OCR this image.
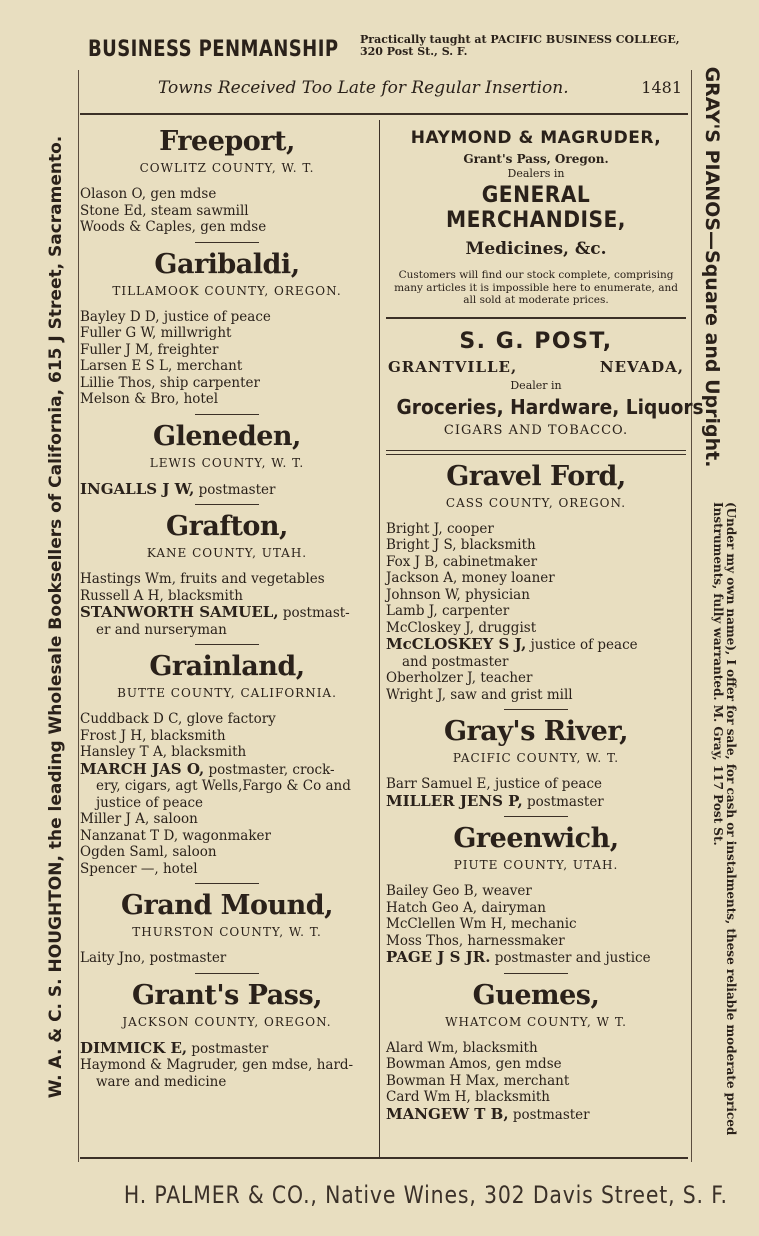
BUSINESS PENMANSHIP Practically taught at PACIFIC BUSINESS COLLEGE, 320 Post St., S. F.
W. A. & C. S. HOUGHTON, the leading Wholesale Booksellers of California, 615 J Street, Sacramento.	GRAY'S PIANOS—Square and Upright.
(Under my own name), I offer for sale, for cash or instalments, these reliable moderate priced Instruments, fully warranted. M. Gray, 117 Post St.
Towns Received Too Late for Regular Insertion.	1481
Freeport,
COWLITZ COUNTY, W. T.
Olason O, gen mdse
Stone Ed, steam sawmill
Woods & Caples, gen mdse
Garibaldi,
TILLAMOOK COUNTY, OREGON.
Bayley D D, justice of peace
Fuller G W, millwright
Fuller J M, freighter
Larsen E S L, merchant
Lillie Thos, ship carpenter
Melson & Bro, hotel
Gleneden,
LEWIS COUNTY, W. T.
INGALLS J W, postmaster
Grafton,
KANE COUNTY, UTAH.
Hastings Wm, fruits and vegetables
Russell A H, blacksmith
STANWORTH SAMUEL, postmast-
er and nurseryman
Grainland,
BUTTE COUNTY, CALIFORNIA.
Cuddback D C, glove factory
Frost J H, blacksmith
Hansley T A, blacksmith
MARCH JAS O, postmaster, crock-
ery, cigars, agt Wells,Fargo & Co and justice of peace
Miller J A, saloon
Nanzanat T D, wagonmaker
Ogden Saml, saloon
Spencer —, hotel
Grand Mound,
THURSTON COUNTY, W. T.
Laity Jno, postmaster
Grant's Pass,
JACKSON COUNTY, OREGON.
DIMMICK E, postmaster
Haymond & Magruder, gen mdse, hard-
ware and medicine
HAYMOND & MAGRUDER,
Grant's Pass, Oregon.
Dealers in
GENERAL MERCHANDISE,
Medicines, &c.
Customers will find our stock complete, comprising many articles it is impossible here to enumerate, and all sold at moderate prices.
S. G. POST,
GRANTVILLE,	NEVADA,
Dealer in
Groceries, Hardware, Liquors
CIGARS AND TOBACCO.
Gravel Ford,
CASS COUNTY, OREGON.
Bright J, cooper
Bright J S, blacksmith
Fox J B, cabinetmaker
Jackson A, money loaner
Johnson W, physician
Lamb J, carpenter
McCloskey J, druggist
McCLOSKEY S J, justice of peace
and postmaster
Oberholzer J, teacher
Wright J, saw and grist mill
Gray's River,
PACIFIC COUNTY, W. T.
Barr Samuel E, justice of peace
MILLER JENS P, postmaster
Greenwich,
PIUTE COUNTY, UTAH.
Bailey Geo B, weaver
Hatch Geo A, dairyman
McClellen Wm H, mechanic
Moss Thos, harnessmaker
PAGE J S JR. postmaster and justice
Guemes,
WHATCOM COUNTY, W T.
Alard Wm, blacksmith
Bowman Amos, gen mdse
Bowman H Max, merchant
Card Wm H, blacksmith
MANGEW T B, postmaster
H. PALMER & CO., Native Wines, 302 Davis Street, S. F.
